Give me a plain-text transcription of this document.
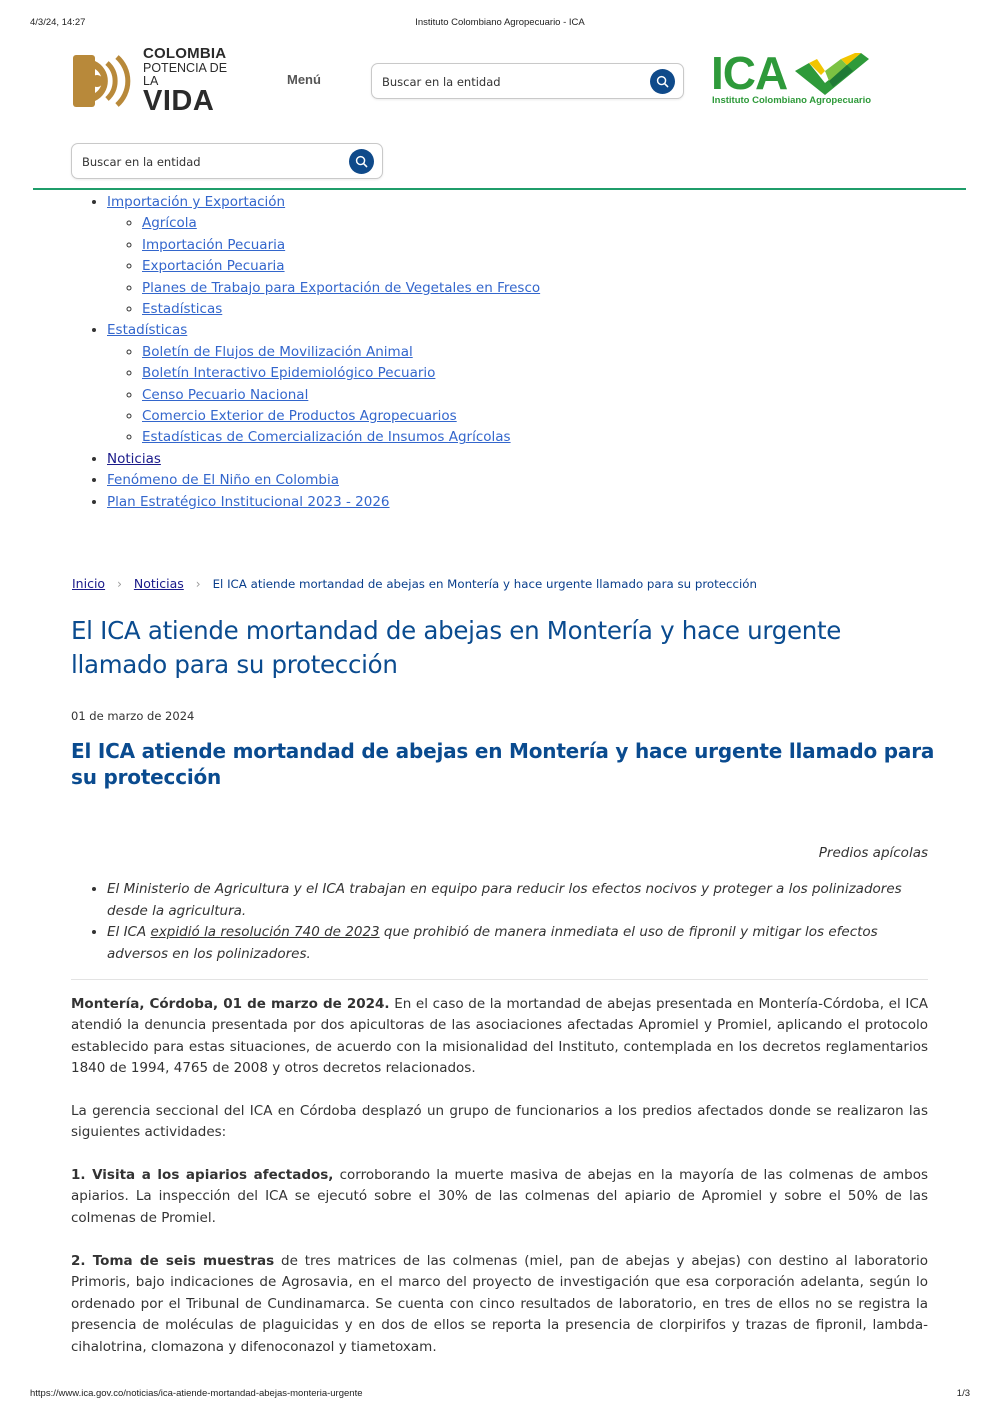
4/3/24, 14:27	Instituto Colombiano Agropecuario - ICA
COLOMBIA
POTENCIA DE LA
VIDA
Menú
Buscar en la entidad	ICA
Instituto Colombiano Agropecuario
Buscar en la entidad
• Importación y Exportación
◦ Agrícola
◦ Importación Pecuaria
◦ Exportación Pecuaria
◦ Planes de Trabajo para Exportación de Vegetales en Fresco
◦ Estadísticas
• Estadísticas
◦ Boletín de Flujos de Movilización Animal
◦ Boletín Interactivo Epidemiológico Pecuario
◦ Censo Pecuario Nacional
◦ Comercio Exterior de Productos Agropecuarios
◦ Estadísticas de Comercialización de Insumos Agrícolas
• Noticias
• Fenómeno de El Niño en Colombia
• Plan Estratégico Institucional 2023 - 2026
Inicio › Noticias › El ICA atiende mortandad de abejas en Montería y hace urgente llamado para su protección
El ICA atiende mortandad de abejas en Montería y hace urgente llamado para su protección
01 de marzo de 2024
El ICA atiende mortandad de abejas en Montería y hace urgente llamado para su protección
Predios apícolas
• El Ministerio de Agricultura y el ICA trabajan en equipo para reducir los efectos nocivos y proteger a los polinizadores desde la agricultura.
• El ICA expidió la resolución 740 de 2023 que prohibió de manera inmediata el uso de fipronil y mitigar los efectos adversos en los polinizadores.

Montería, Córdoba, 01 de marzo de 2024. En el caso de la mortandad de abejas presentada en Montería-Córdoba, el ICA atendió la denuncia presentada por dos apicultoras de las asociaciones afectadas Apromiel y Promiel, aplicando el protocolo establecido para estas situaciones, de acuerdo con la misionalidad del Instituto, contemplada en los decretos reglamentarios 1840 de 1994, 4765 de 2008 y otros decretos relacionados.

La gerencia seccional del ICA en Córdoba desplazó un grupo de funcionarios a los predios afectados donde se realizaron las siguientes actividades:

1. Visita a los apiarios afectados, corroborando la muerte masiva de abejas en la mayoría de las colmenas de ambos apiarios. La inspección del ICA se ejecutó sobre el 30% de las colmenas del apiario de Apromiel y sobre el 50% de las colmenas de Promiel.

2. Toma de seis muestras de tres matrices de las colmenas (miel, pan de abejas y abejas) con destino al laboratorio Primoris, bajo indicaciones de Agrosavia, en el marco del proyecto de investigación que esa corporación adelanta, según lo ordenado por el Tribunal de Cundinamarca. Se cuenta con cinco resultados de laboratorio, en tres de ellos no se registra la presencia de moléculas de plaguicidas y en dos de ellos se reporta la presencia de clorpirifos y trazas de fipronil, lambda-cihalotrina, clomazona y difenoconazol y tiametoxam.

https://www.ica.gov.co/noticias/ica-atiende-mortandad-abejas-monteria-urgente	1/3
